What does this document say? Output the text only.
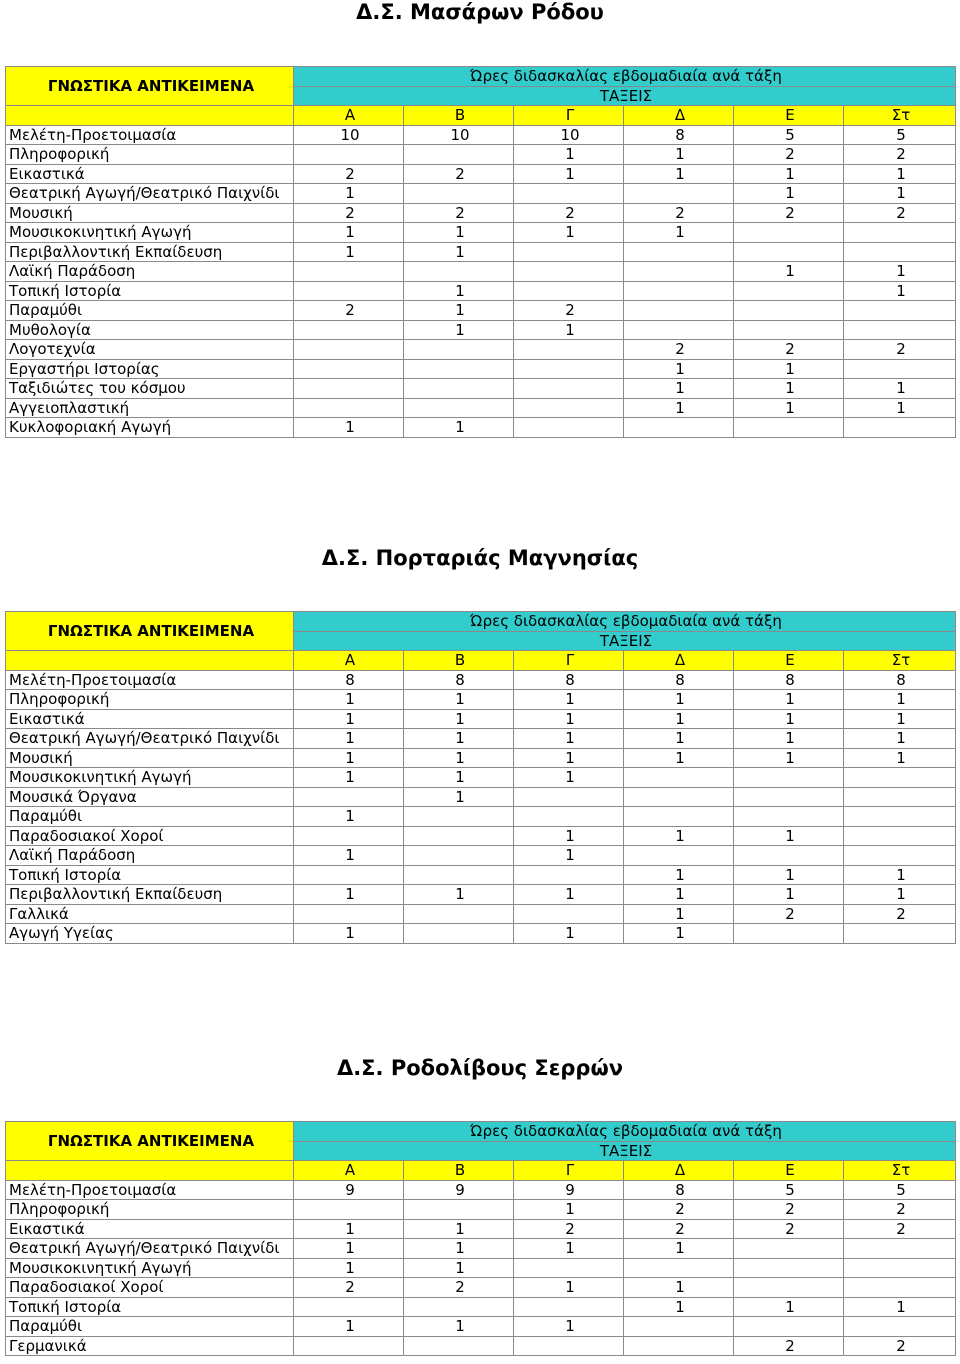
Δ.Σ. Μασάρων Ρόδου
ΓΝΩΣΤΙΚΑ ΑΝΤΙΚΕΙΜΕΝΑ	Ώρες διδασκαλίας εβδομαδιαία ανά τάξη					
	ΤΑΞΕΙΣ					
	Α	Β	Γ	Δ	Ε	Στ
Μελέτη-Προετοιμασία	10	10	10	8	5	5
Πληροφορική			1	1	2	2
Εικαστικά	2	2	1	1	1	1
Θεατρική Αγωγή/Θεατρικό Παιχνίδι	1				1	1
Μουσική	2	2	2	2	2	2
Μουσικοκινητική Αγωγή	1	1	1	1		
Περιβαλλοντική Εκπαίδευση	1	1				
Λαϊκή Παράδοση					1	1
Τοπική Ιστορία		1				1
Παραμύθι	2	1	2			
Μυθολογία		1	1			
Λογοτεχνία				2	2	2
Εργαστήρι Ιστορίας				1	1	
Ταξιδιώτες του κόσμου				1	1	1
Αγγειοπλαστική				1	1	1
Κυκλοφοριακή Αγωγή	1	1				
Δ.Σ. Πορταριάς Μαγνησίας
ΓΝΩΣΤΙΚΑ ΑΝΤΙΚΕΙΜΕΝΑ	Ώρες διδασκαλίας εβδομαδιαία ανά τάξη					
	ΤΑΞΕΙΣ					
	Α	Β	Γ	Δ	Ε	Στ
Μελέτη-Προετοιμασία	8	8	8	8	8	8
Πληροφορική	1	1	1	1	1	1
Εικαστικά	1	1	1	1	1	1
Θεατρική Αγωγή/Θεατρικό Παιχνίδι	1	1	1	1	1	1
Μουσική	1	1	1	1	1	1
Μουσικοκινητική Αγωγή	1	1	1			
Μουσικά Όργανα		1				
Παραμύθι	1					
Παραδοσιακοί Χοροί			1	1	1	
Λαϊκή Παράδοση	1		1			
Τοπική Ιστορία				1	1	1
Περιβαλλοντική Εκπαίδευση	1	1	1	1	1	1
Γαλλικά				1	2	2
Αγωγή Υγείας	1		1	1		
Δ.Σ. Ροδολίβους Σερρών
ΓΝΩΣΤΙΚΑ ΑΝΤΙΚΕΙΜΕΝΑ	Ώρες διδασκαλίας εβδομαδιαία ανά τάξη					
	ΤΑΞΕΙΣ					
	Α	Β	Γ	Δ	Ε	Στ
Μελέτη-Προετοιμασία	9	9	9	8	5	5
Πληροφορική			1	2	2	2
Εικαστικά	1	1	2	2	2	2
Θεατρική Αγωγή/Θεατρικό Παιχνίδι	1	1	1	1		
Μουσικοκινητική Αγωγή	1	1				
Παραδοσιακοί Χοροί	2	2	1	1		
Τοπική Ιστορία				1	1	1
Παραμύθι	1	1	1			
Γερμανικά					2	2
